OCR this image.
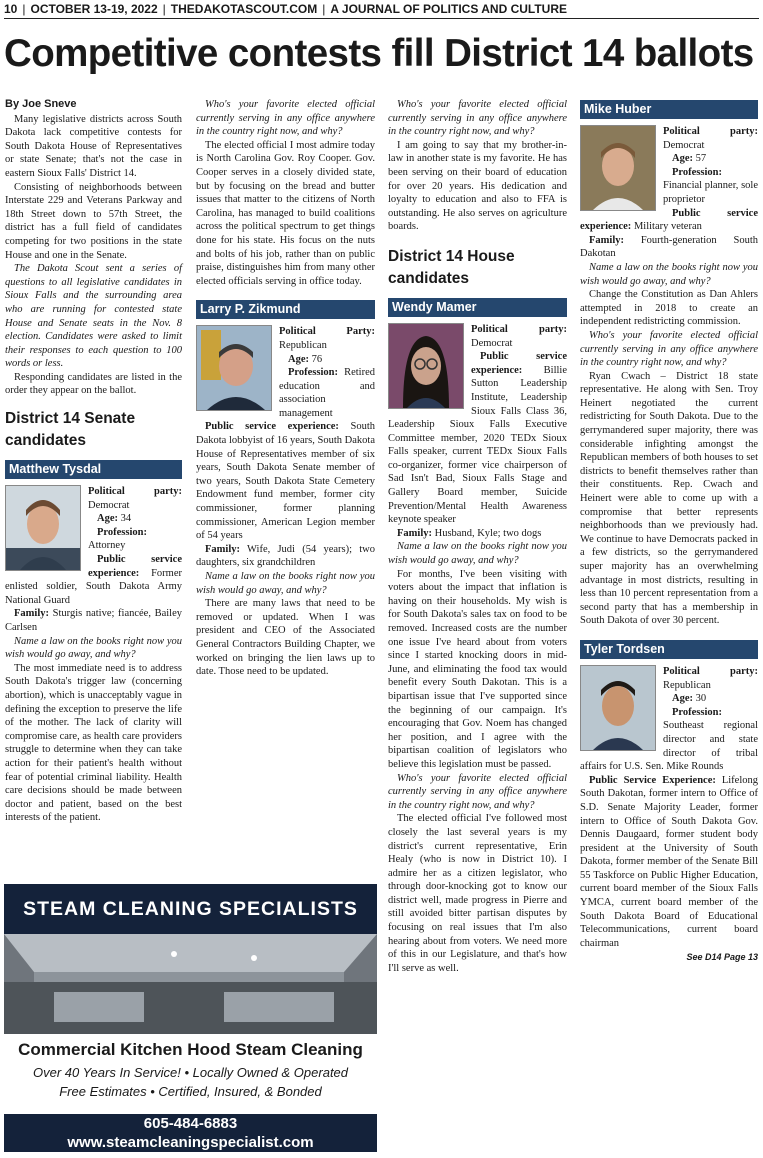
10 | OCTOBER 13-19, 2022 | THEDAKOTASCOUT.COM | A JOURNAL OF POLITICS AND CULTURE
Competitive contests fill District 14 ballots
By Joe Sneve

Many legislative districts across South Dakota lack competitive contests for South Dakota House of Representatives or state Senate; that's not the case in eastern Sioux Falls' District 14.

Consisting of neighborhoods between Interstate 229 and Veterans Parkway and 18th Street down to 57th Street, the district has a full field of candidates competing for two positions in the state House and one in the Senate.

The Dakota Scout sent a series of questions to all legislative candidates in Sioux Falls and the surrounding area who are running for contested state House and Senate seats in the Nov. 8 election. Candidates were asked to limit their responses to each question to 100 words or less.

Responding candidates are listed in the order they appear on the ballot.

District 14 Senate candidates
Matthew Tysdal

Political party: Democrat

Age: 34

Profession: Attorney

Public service experience: Former enlisted soldier, South Dakota Army National Guard

Family: Sturgis native; fiancée, Bailey Carlsen

Name a law on the books right now you wish would go away, and why?

The most immediate need is to address South Dakota's trigger law (concerning abortion), which is unacceptably vague in defining the exception to preserve the life of the mother. The lack of clarity will compromise care, as health care providers struggle to determine when they can take action for their patient's health without fear of potential criminal liability. Health care decisions should be made between doctor and patient, based on the best interests of the patient.

Who's your favorite elected official currently serving in any office anywhere in the country right now, and why?

The elected official I most admire today is North Carolina Gov. Roy Cooper. Gov. Cooper serves in a closely divided state, but by focusing on the bread and butter issues that matter to the citizens of North Carolina, has managed to build coalitions across the political spectrum to get things done for his state. His focus on the nuts and bolts of his job, rather than on public praise, distinguishes him from many other elected officials serving in office today.

Larry P. Zikmund

Political Party: Republican

Age: 76

Profession: Retired education and association management

Public service experience: South Dakota lobbyist of 16 years, South Dakota House of Representatives member of six years, South Dakota Senate member of two years, South Dakota State Cemetery Endowment fund member, former city commissioner, former planning commissioner, American Legion member of 54 years

Family: Wife, Judi (54 years); two daughters, six grandchildren

Name a law on the books right now you wish would go away, and why?

There are many laws that need to be removed or updated. When I was president and CEO of the Associated General Contractors Building Chapter, we worked on bringing the lien laws up to date. Those need to be updated.

Who's your favorite elected official currently serving in any office anywhere in the country right now, and why?

I am going to say that my brother-in-law in another state is my favorite. He has been serving on their board of education for over 20 years. His dedication and loyalty to education and also to FFA is outstanding. He also serves on agriculture boards.

District 14 House candidates
Wendy Mamer

Political party: Democrat

Public service experience: Billie Sutton Leadership Institute, Leadership Sioux Falls Class 36, Leadership Sioux Falls Executive Committee member, 2020 TEDx Sioux Falls speaker, current TEDx Sioux Falls co-organizer, former vice chairperson of Sad Isn't Bad, Sioux Falls Stage and Gallery Board member, Suicide Prevention/Mental Health Awareness keynote speaker

Family: Husband, Kyle; two dogs

Name a law on the books right now you wish would go away, and why?

For months, I've been visiting with voters about the impact that inflation is having on their households. My wish is for South Dakota's sales tax on food to be removed. Increased costs are the number one issue I've heard about from voters since I started knocking doors in mid-June, and eliminating the food tax would benefit every South Dakotan. This is a bipartisan issue that I've supported since the beginning of our campaign. It's encouraging that Gov. Noem has changed her position, and I agree with the bipartisan coalition of legislators who believe this legislation must be passed.

Who's your favorite elected official currently serving in any office anywhere in the country right now, and why?

The elected official I've followed most closely the last several years is my district's current representative, Erin Healy (who is now in District 10). I admire her as a citizen legislator, who through door-knocking got to know our district well, made progress in Pierre and still avoided bitter partisan disputes by focusing on real issues that I'm also hearing about from voters. We need more of this in our Legislature, and that's how I'll serve as well.

Mike Huber

Political party: Democrat

Age: 57

Profession: Financial planner, sole proprietor

Public service experience: Military veteran

Family: Fourth-generation South Dakotan

Name a law on the books right now you wish would go away, and why?

Change the Constitution as Dan Ahlers attempted in 2018 to create an independent redistricting commission.

Who's your favorite elected official currently serving in any office anywhere in the country right now, and why?

Ryan Cwach – District 18 state representative. He along with Sen. Troy Heinert negotiated the current redistricting for South Dakota. Due to the gerrymandered super majority, there was considerable infighting amongst the Republican members of both houses to set districts to benefit themselves rather than their constituents. Rep. Cwach and Heinert were able to come up with a compromise that better represents neighborhoods than we previously had. We continue to have Democrats packed in a few districts, so the gerrymandered super majority has an overwhelming advantage in most districts, resulting in less than 10 percent representation from a second party that has a membership in South Dakota of over 30 percent.

Tyler Tordsen

Political party: Republican

Age: 30

Profession: Southeast regional director and state director of tribal affairs for U.S. Sen. Mike Rounds

Public Service Experience: Lifelong South Dakotan, former intern to Office of S.D. Senate Majority Leader, former intern to Office of South Dakota Gov. Dennis Daugaard, former student body president at the University of South Dakota, former member of the Senate Bill 55 Taskforce on Public Higher Education, current board member of the Sioux Falls YMCA, current board member of the South Dakota Board of Educational Telecommunications, current board chairman

See D14 Page 13
STEAM CLEANING SPECIALISTS
Commercial Kitchen Hood Steam Cleaning
Over 40 Years In Service! • Locally Owned & Operated
Free Estimates • Certified, Insured, & Bonded
605-484-6883
www.steamcleaningspecialist.com
